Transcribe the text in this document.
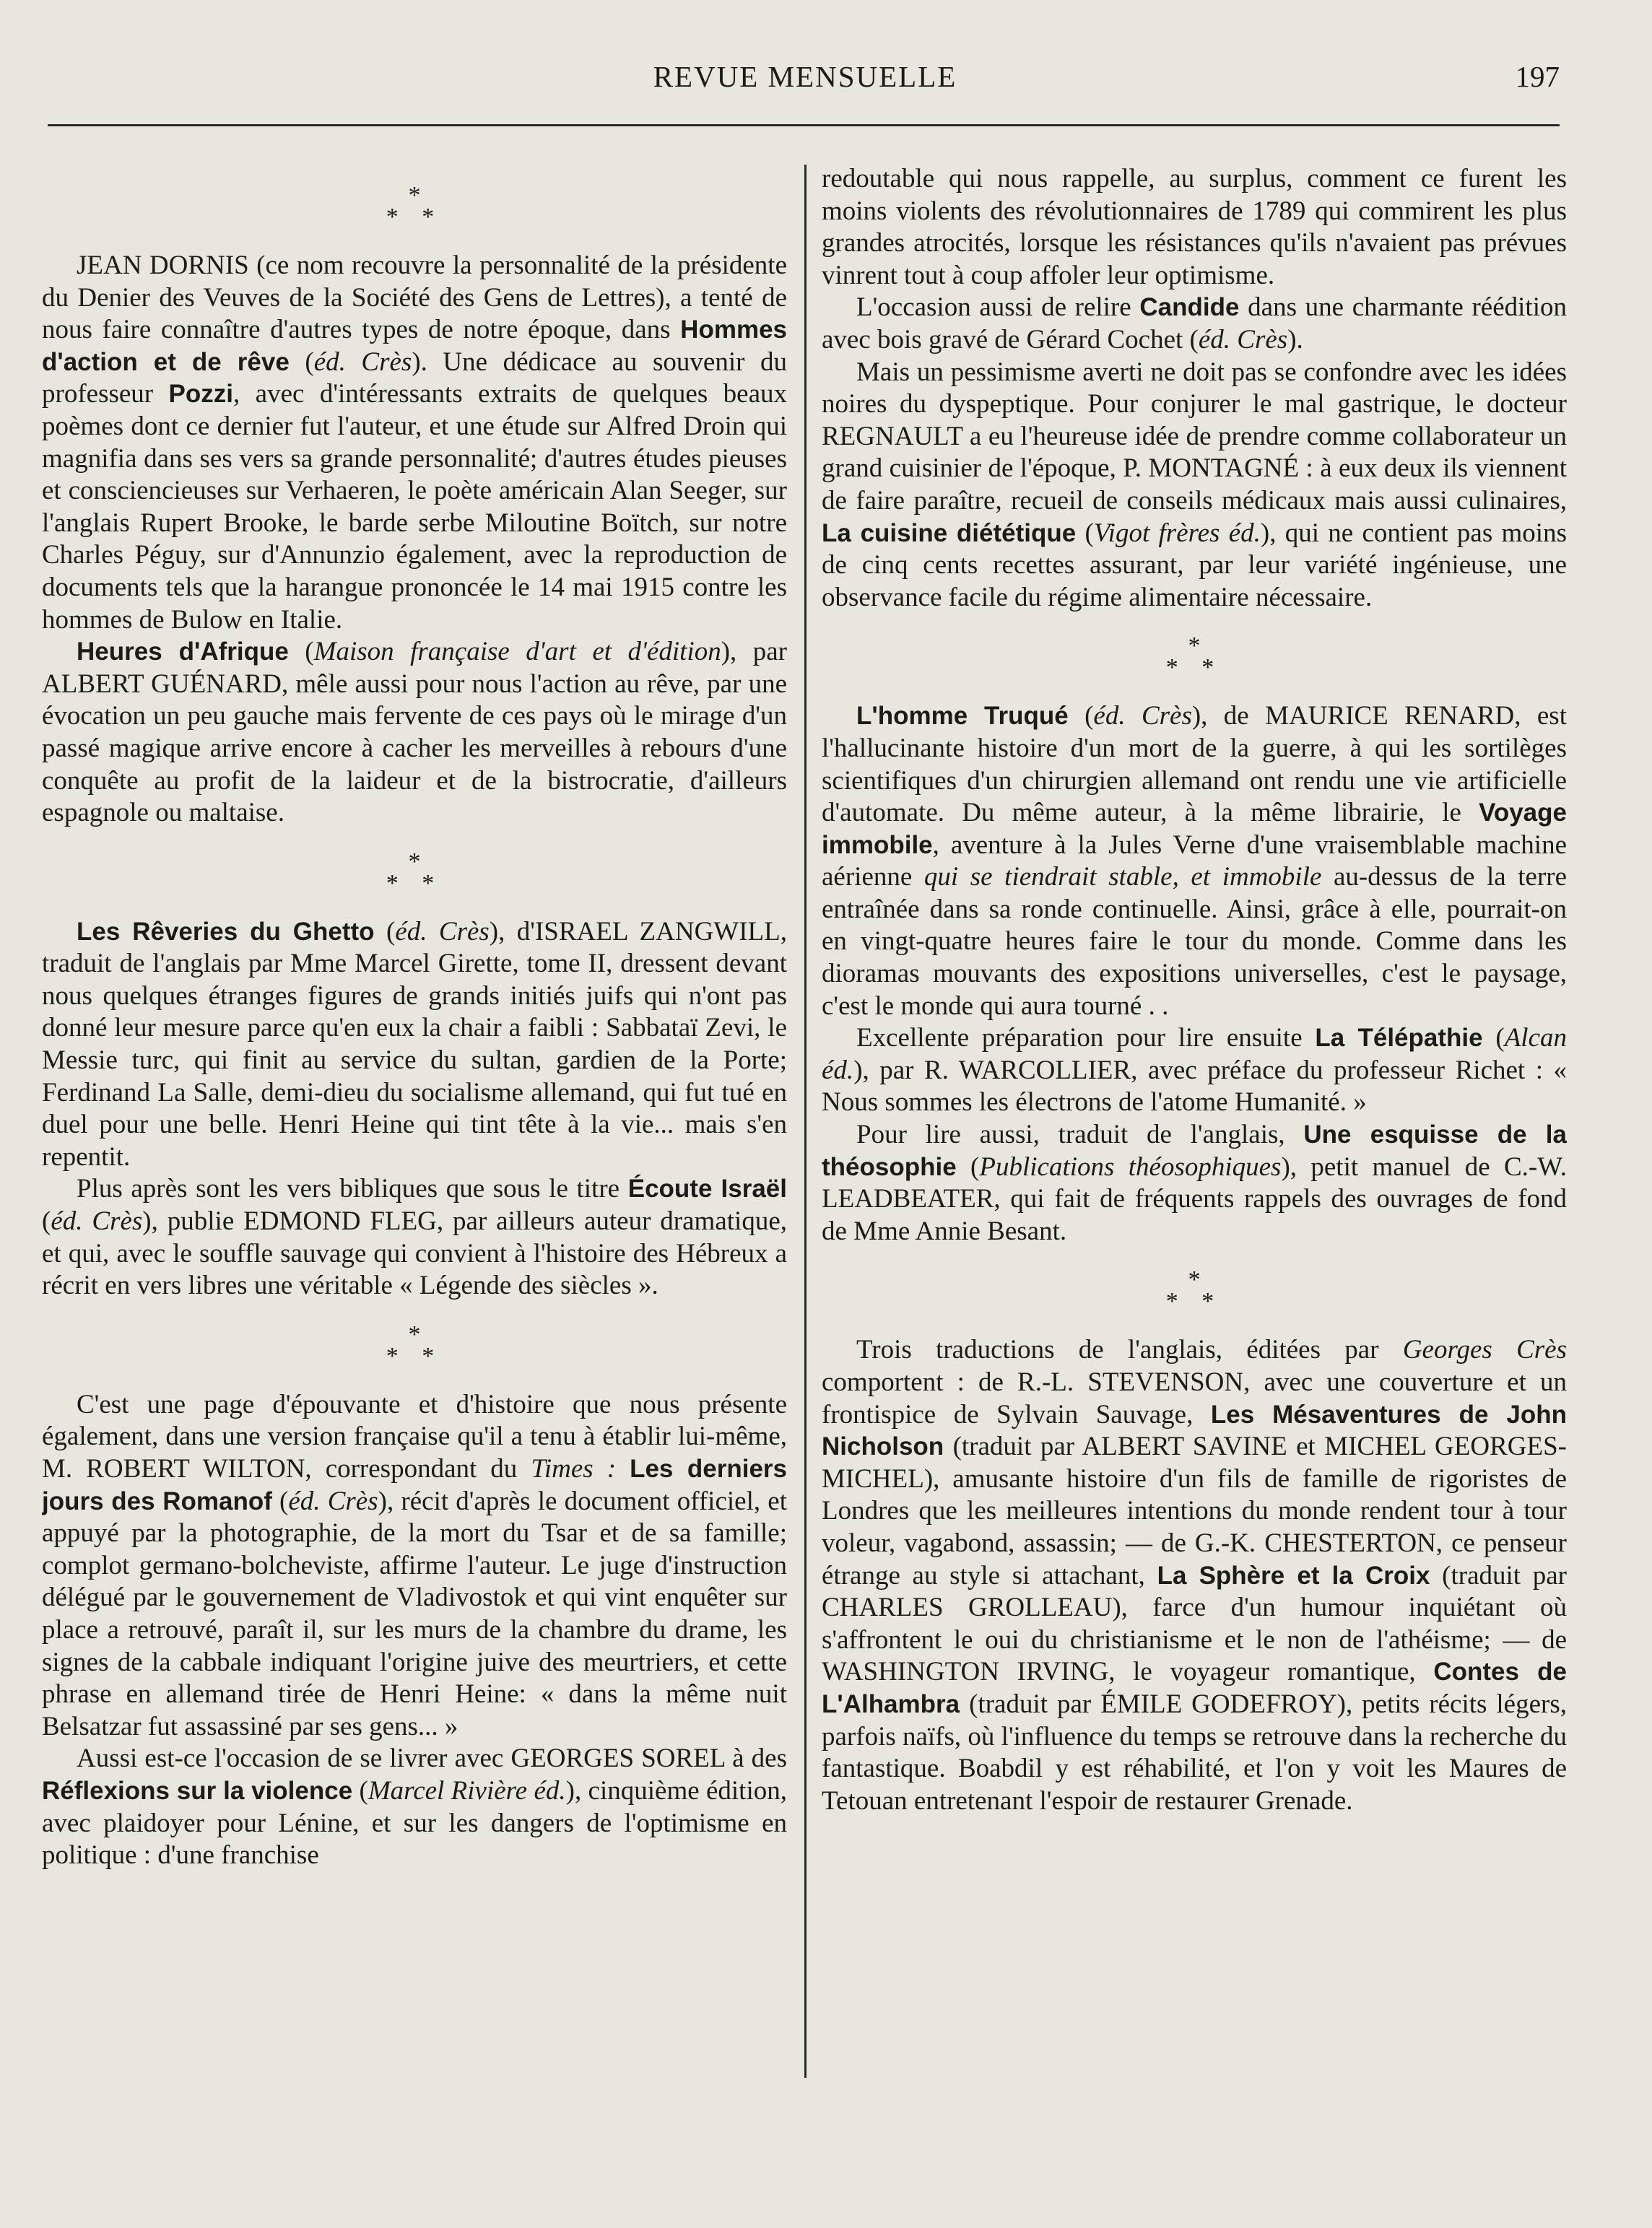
REVUE MENSUELLE	197
*
* *

JEAN DORNIS (ce nom recouvre la personnalité de la présidente du Denier des Veuves de la Société des Gens de Lettres), a tenté de nous faire connaître d'autres types de notre époque, dans Hommes d'action et de rêve (éd. Crès). Une dédicace au souvenir du professeur Pozzi, avec d'intéressants extraits de quelques beaux poèmes dont ce dernier fut l'auteur, et une étude sur Alfred Droin qui magnifia dans ses vers sa grande personnalité; d'autres études pieuses et consciencieuses sur Verhaeren, le poète américain Alan Seeger, sur l'anglais Rupert Brooke, le barde serbe Miloutine Boïtch, sur notre Charles Péguy, sur d'Annunzio également, avec la reproduction de documents tels que la harangue prononcée le 14 mai 1915 contre les hommes de Bulow en Italie.

Heures d'Afrique (Maison française d'art et d'édition), par ALBERT GUÉNARD, mêle aussi pour nous l'action au rêve, par une évocation un peu gauche mais fervente de ces pays où le mirage d'un passé magique arrive encore à cacher les merveilles à rebours d'une conquête au profit de la laideur et de la bistrocratie, d'ailleurs espagnole ou maltaise.

*
* *

Les Rêveries du Ghetto (éd. Crès), d'ISRAEL ZANGWILL, traduit de l'anglais par Mme Marcel Girette, tome II, dressent devant nous quelques étranges figures de grands initiés juifs qui n'ont pas donné leur mesure parce qu'en eux la chair a faibli : Sabbataï Zevi, le Messie turc, qui finit au service du sultan, gardien de la Porte; Ferdinand La Salle, demi-dieu du socialisme allemand, qui fut tué en duel pour une belle. Henri Heine qui tint tête à la vie... mais s'en repentit.

Plus après sont les vers bibliques que sous le titre Écoute Israël (éd. Crès), publie EDMOND FLEG, par ailleurs auteur dramatique, et qui, avec le souffle sauvage qui convient à l'histoire des Hébreux a récrit en vers libres une véritable « Légende des siècles ».

*
* *

C'est une page d'épouvante et d'histoire que nous présente également, dans une version française qu'il a tenu à établir lui-même, M. ROBERT WILTON, correspondant du Times : Les derniers jours des Romanof (éd. Crès), récit d'après le document officiel, et appuyé par la photographie, de la mort du Tsar et de sa famille; complot germano-bolcheviste, affirme l'auteur. Le juge d'instruction délégué par le gouvernement de Vladivostok et qui vint enquêter sur place a retrouvé, paraît il, sur les murs de la chambre du drame, les signes de la cabbale indiquant l'origine juive des meurtriers, et cette phrase en allemand tirée de Henri Heine: « dans la même nuit Belsatzar fut assassiné par ses gens... »

Aussi est-ce l'occasion de se livrer avec GEORGES SOREL à des Réflexions sur la violence (Marcel Rivière éd.), cinquième édition, avec plaidoyer pour Lénine, et sur les dangers de l'optimisme en politique : d'une franchise

redoutable qui nous rappelle, au surplus, comment ce furent les moins violents des révolutionnaires de 1789 qui commirent les plus grandes atrocités, lorsque les résistances qu'ils n'avaient pas prévues vinrent tout à coup affoler leur optimisme.

L'occasion aussi de relire Candide dans une charmante réédition avec bois gravé de Gérard Cochet (éd. Crès).

Mais un pessimisme averti ne doit pas se confondre avec les idées noires du dyspeptique. Pour conjurer le mal gastrique, le docteur REGNAULT a eu l'heureuse idée de prendre comme collaborateur un grand cuisinier de l'époque, P. MONTAGNÉ : à eux deux ils viennent de faire paraître, recueil de conseils médicaux mais aussi culinaires, La cuisine diététique (Vigot frères éd.), qui ne contient pas moins de cinq cents recettes assurant, par leur variété ingénieuse, une observance facile du régime alimentaire nécessaire.

*
* *

L'homme Truqué (éd. Crès), de MAURICE RENARD, est l'hallucinante histoire d'un mort de la guerre, à qui les sortilèges scientifiques d'un chirurgien allemand ont rendu une vie artificielle d'automate. Du même auteur, à la même librairie, le Voyage immobile, aventure à la Jules Verne d'une vraisemblable machine aérienne qui se tiendrait stable, et immobile au-dessus de la terre entraînée dans sa ronde continuelle. Ainsi, grâce à elle, pourrait-on en vingt-quatre heures faire le tour du monde. Comme dans les dioramas mouvants des expositions universelles, c'est le paysage, c'est le monde qui aura tourné . .

Excellente préparation pour lire ensuite La Télépathie (Alcan éd.), par R. WARCOLLIER, avec préface du professeur Richet : « Nous sommes les électrons de l'atome Humanité. »

Pour lire aussi, traduit de l'anglais, Une esquisse de la théosophie (Publications théosophiques), petit manuel de C.-W. LEADBEATER, qui fait de fréquents rappels des ouvrages de fond de Mme Annie Besant.

*
* *

Trois traductions de l'anglais, éditées par Georges Crès comportent : de R.-L. STEVENSON, avec une couverture et un frontispice de Sylvain Sauvage, Les Mésaventures de John Nicholson (traduit par ALBERT SAVINE et MICHEL GEORGES-MICHEL), amusante histoire d'un fils de famille de rigoristes de Londres que les meilleures intentions du monde rendent tour à tour voleur, vagabond, assassin; — de G.-K. CHESTERTON, ce penseur étrange au style si attachant, La Sphère et la Croix (traduit par CHARLES GROLLEAU), farce d'un humour inquiétant où s'affrontent le oui du christianisme et le non de l'athéisme; — de WASHINGTON IRVING, le voyageur romantique, Contes de L'Alhambra (traduit par ÉMILE GODEFROY), petits récits légers, parfois naïfs, où l'influence du temps se retrouve dans la recherche du fantastique. Boabdil y est réhabilité, et l'on y voit les Maures de Tetouan entretenant l'espoir de restaurer Grenade.
